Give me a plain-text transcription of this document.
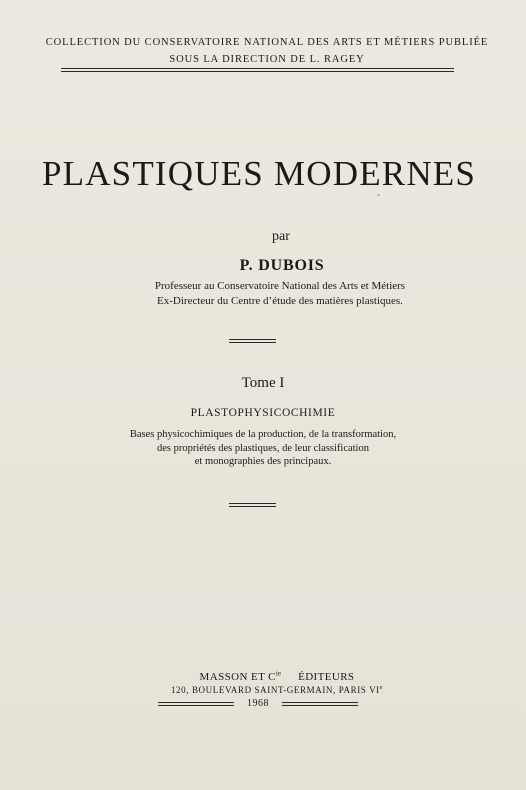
COLLECTION DU CONSERVATOIRE NATIONAL DES ARTS ET MÉTIERS PUBLIÉE
SOUS LA DIRECTION DE L. RAGEY
PLASTIQUES MODERNES
par
P. DUBOIS
Professeur au Conservatoire National des Arts et Métiers
Ex-Directeur du Centre d’étude des matières plastiques.
Tome I
PLASTOPHYSICOCHIMIE
Bases physicochimiques de la production, de la transformation,
des propriétés des plastiques, de leur classification
et monographies des principaux.
MASSON ET $C^{ie}$ ÉDITEURS
120, BOULEVARD SAINT-GERMAIN, PARIS VIe
1968
